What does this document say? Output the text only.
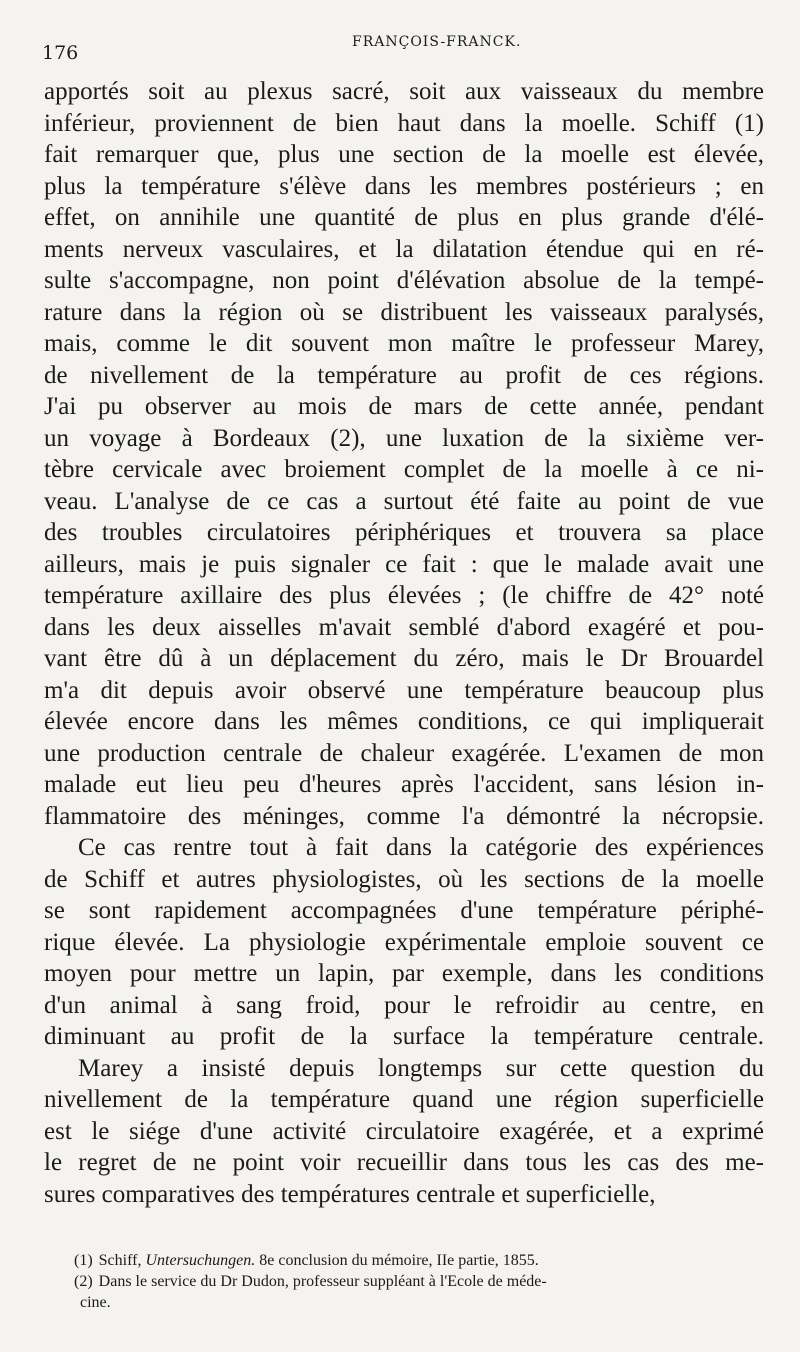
176	FRANÇOIS-FRANCK.
apportés soit au plexus sacré, soit aux vaisseaux du membre
inférieur, proviennent de bien haut dans la moelle. Schiff (1)
fait remarquer que, plus une section de la moelle est élevée,
plus la température s'élève dans les membres postérieurs ; en
effet, on annihile une quantité de plus en plus grande d'élé-
ments nerveux vasculaires, et la dilatation étendue qui en ré-
sulte s'accompagne, non point d'élévation absolue de la tempé-
rature dans la région où se distribuent les vaisseaux paralysés,
mais, comme le dit souvent mon maître le professeur Marey,
de nivellement de la température au profit de ces régions.
J'ai pu observer au mois de mars de cette année, pendant
un voyage à Bordeaux (2), une luxation de la sixième ver-
tèbre cervicale avec broiement complet de la moelle à ce ni-
veau. L'analyse de ce cas a surtout été faite au point de vue
des troubles circulatoires périphériques et trouvera sa place
ailleurs, mais je puis signaler ce fait : que le malade avait une
température axillaire des plus élevées ; (le chiffre de 42° noté
dans les deux aisselles m'avait semblé d'abord exagéré et pou-
vant être dû à un déplacement du zéro, mais le Dr Brouardel
m'a dit depuis avoir observé une température beaucoup plus
élevée encore dans les mêmes conditions, ce qui impliquerait
une production centrale de chaleur exagérée. L'examen de mon
malade eut lieu peu d'heures après l'accident, sans lésion in-
flammatoire des méninges, comme l'a démontré la nécropsie.
Ce cas rentre tout à fait dans la catégorie des expériences
de Schiff et autres physiologistes, où les sections de la moelle
se sont rapidement accompagnées d'une température périphé-
rique élevée. La physiologie expérimentale emploie souvent ce
moyen pour mettre un lapin, par exemple, dans les conditions
d'un animal à sang froid, pour le refroidir au centre, en
diminuant au profit de la surface la température centrale.
Marey a insisté depuis longtemps sur cette question du
nivellement de la température quand une région superficielle
est le siége d'une activité circulatoire exagérée, et a exprimé
le regret de ne point voir recueillir dans tous les cas des me-
sures comparatives des températures centrale et superficielle,
(1) Schiff, Untersuchungen. 8e conclusion du mémoire, IIe partie, 1855.
(2) Dans le service du Dr Dudon, professeur suppléant à l'Ecole de méde-
cine.
